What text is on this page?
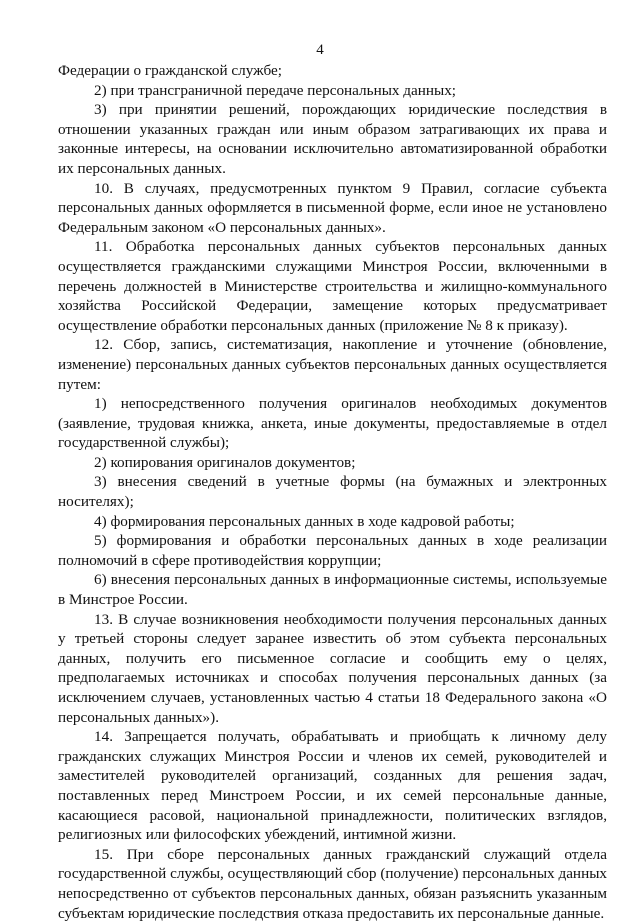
4

Федерации о гражданской службе;

2) при трансграничной передаче персональных данных;

3) при принятии решений, порождающих юридические последствия в отношении указанных граждан или иным образом затрагивающих их права и законные интересы, на основании исключительно автоматизированной обработки их персональных данных.

10. В случаях, предусмотренных пунктом 9 Правил, согласие субъекта персональных данных оформляется в письменной форме, если иное не установлено Федеральным законом «О персональных данных».

11. Обработка персональных данных субъектов персональных данных осуществляется гражданскими служащими Минстроя России, включенными в перечень должностей в Министерстве строительства и жилищно-коммунального хозяйства Российской Федерации, замещение которых предусматривает осуществление обработки персональных данных (приложение № 8 к приказу).

12. Сбор, запись, систематизация, накопление и уточнение (обновление, изменение) персональных данных субъектов персональных данных осуществляется путем:

1) непосредственного получения оригиналов необходимых документов (заявление, трудовая книжка, анкета, иные документы, предоставляемые в отдел государственной службы);

2) копирования оригиналов документов;

3) внесения сведений в учетные формы (на бумажных и электронных носителях);

4) формирования персональных данных в ходе кадровой работы;

5) формирования и обработки персональных данных в ходе реализации полномочий в сфере противодействия коррупции;

6) внесения персональных данных в информационные системы, используемые в Минстрое России.

13. В случае возникновения необходимости получения персональных данных у третьей стороны следует заранее известить об этом субъекта персональных данных, получить его письменное согласие и сообщить ему о целях, предполагаемых источниках и способах получения персональных данных (за исключением случаев, установленных частью 4 статьи 18 Федерального закона «О персональных данных»).

14. Запрещается получать, обрабатывать и приобщать к личному делу гражданских служащих Минстроя России и членов их семей, руководителей и заместителей руководителей организаций, созданных для решения задач, поставленных перед Минстроем России, и их семей персональные данные, касающиеся расовой, национальной принадлежности, политических взглядов, религиозных или философских убеждений, интимной жизни.

15. При сборе персональных данных гражданский служащий отдела государственной службы, осуществляющий сбор (получение) персональных данных непосредственно от субъектов персональных данных, обязан разъяснить указанным субъектам юридические последствия отказа предоставить их персональные данные.
